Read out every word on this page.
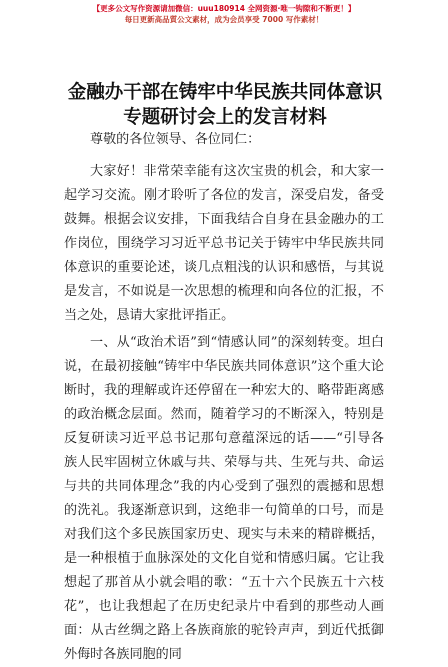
【更多公文写作资源请加微信：uuu180914 全网资源·唯一钩隙和不断更！】
每日更新高品質公文素材，成为会员享受 7000 写作素材！
金融办干部在铸牢中华民族共同体意识专题研讨会上的发言材料

尊敬的各位领导、各位同仁：

大家好！非常荣幸能有这次宝贵的机会，和大家一起学习交流。刚才聆听了各位的发言，深受启发，备受鼓舞。根据会议安排，下面我结合自身在县金融办的工作岗位，围绕学习习近平总书记关于铸牢中华民族共同体意识的重要论述，谈几点粗浅的认识和感悟，与其说是发言，不如说是一次思想的梳理和向各位的汇报，不当之处，恳请大家批评指正。

一、从“政治术语”到“情感认同”的深刻转变。坦白说，在最初接触“铸牢中华民族共同体意识”这个重大论断时，我的理解或许还停留在一种宏大的、略带距离感的政治概念层面。然而，随着学习的不断深入，特别是反复研读习近平总书记那句意蕴深远的话——“引导各族人民牢固树立休戚与共、荣辱与共、生死与共、命运与共的共同体理念”我的内心受到了强烈的震撼和思想的洗礼。我逐渐意识到，这绝非一句简单的口号，而是对我们这个多民族国家历史、现实与未来的精辟概括，是一种根植于血脉深处的文化自觉和情感归属。它让我想起了那首从小就会唱的歌：“五十六个民族五十六枝花”，也让我想起了在历史纪录片中看到的那些动人画面：从古丝绸之路上各族商旅的驼铃声声，到近代抵御外侮时各族同胞的同
